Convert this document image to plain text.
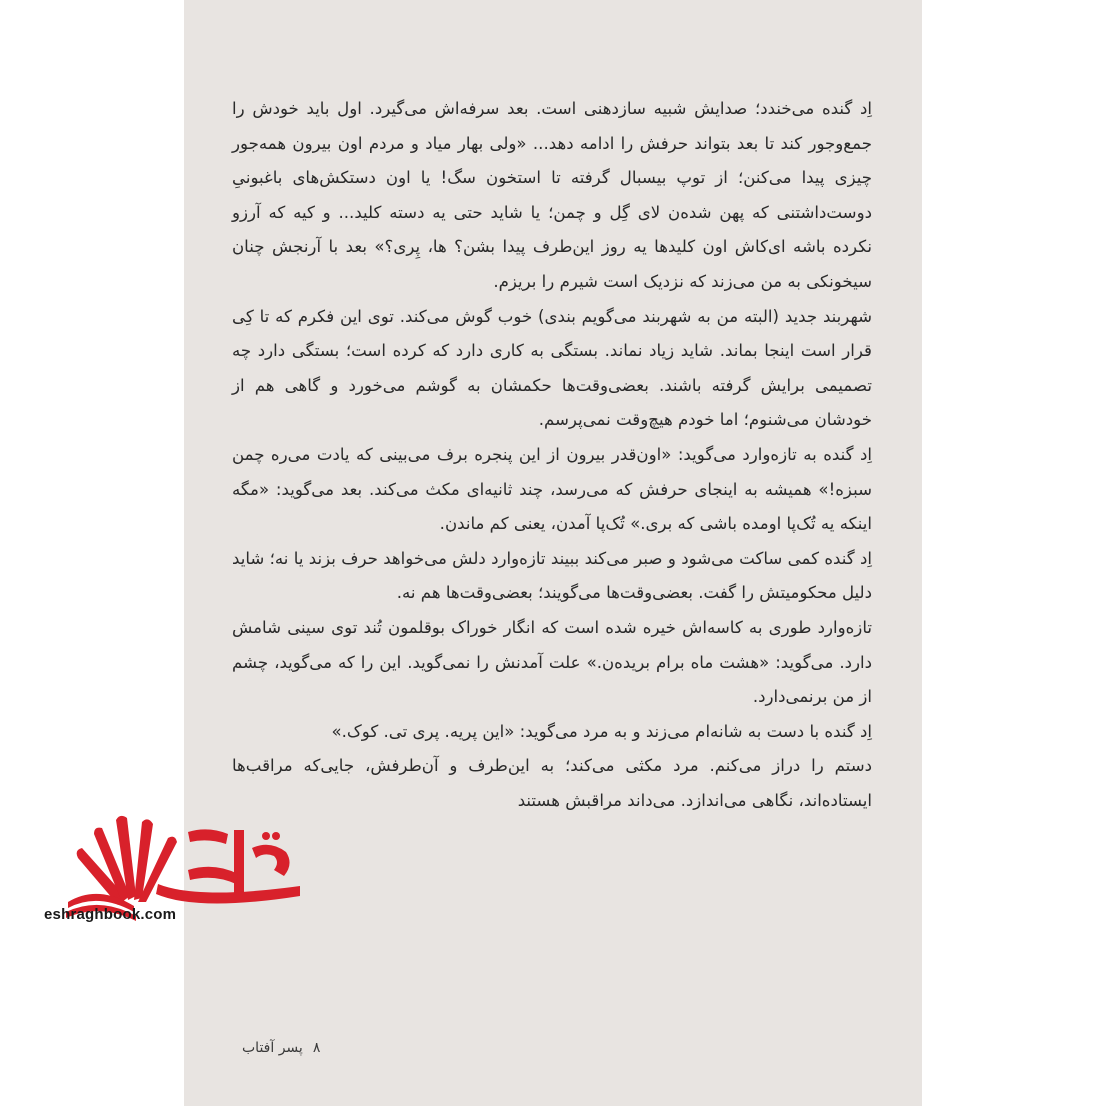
اِد گنده می‌خندد؛ صدایش شبیه سازدهنی است. بعد سرفه‌اش می‌گیرد. اول باید خودش را جمع‌وجور کند تا بعد بتواند حرفش را ادامه دهد... «ولی بهار میاد و مردم اون بیرون همه‌جور چیزی پیدا می‌کنن؛ از توپ بیسبال گرفته تا استخون سگ! یا اون دستکش‌های باغبونیِ دوست‌داشتنی که پهن شده‌ن لای گِل و چمن؛ یا شاید حتی یه دسته کلید... و کیه که آرزو نکرده باشه ای‌کاش اون کلیدها یه روز این‌طرف پیدا بشن؟ ها، پِری؟» بعد با آرنجش چنان سیخونکی به من می‌زند که نزدیک است شیرم را بریزم.

شهربند جدید (البته من به شهربند می‌گویم بندی) خوب گوش می‌کند. توی این فکرم که تا کِی قرار است اینجا بماند. شاید زیاد نماند. بستگی به کاری دارد که کرده است؛ بستگی دارد چه تصمیمی برایش گرفته باشند. بعضی‌وقت‌ها حکمشان به گوشم می‌خورد و گاهی هم از خودشان می‌شنوم؛ اما خودم هیچ‌وقت نمی‌پرسم.

اِد گنده به تازه‌وارد می‌گوید: «اون‌قدر بیرون از این پنجره برف می‌بینی که یادت می‌ره چمن سبزه!» همیشه به اینجای حرفش که می‌رسد، چند ثانیه‌ای مکث می‌کند. بعد می‌گوید: «مگه اینکه یه تُک‌پا اومده باشی که بری.» تُک‌پا آمدن، یعنی کم ماندن.

اِد گنده کمی ساکت می‌شود و صبر می‌کند ببیند تازه‌وارد دلش می‌خواهد حرف بزند یا نه؛ شاید دلیل محکومیتش را گفت. بعضی‌وقت‌ها می‌گویند؛ بعضی‌وقت‌ها هم نه.

تازه‌وارد طوری به کاسه‌اش خیره شده است که انگار خوراک بوقلمون تُند توی سینی شامش دارد. می‌گوید: «هشت ماه برام بریده‌ن.» علت آمدنش را نمی‌گوید. این را که می‌گوید، چشم از من برنمی‌دارد.

اِد گنده با دست به شانه‌ام می‌زند و به مرد می‌گوید: «این پریه. پری تی. کوک.»

دستم را دراز می‌کنم. مرد مکثی می‌کند؛ به این‌طرف و آن‌طرفش، جایی‌که مراقب‌ها ایستاده‌اند، نگاهی می‌اندازد. می‌داند مراقبش هستند

۸پسر آفتاب
eshraghbook.com
